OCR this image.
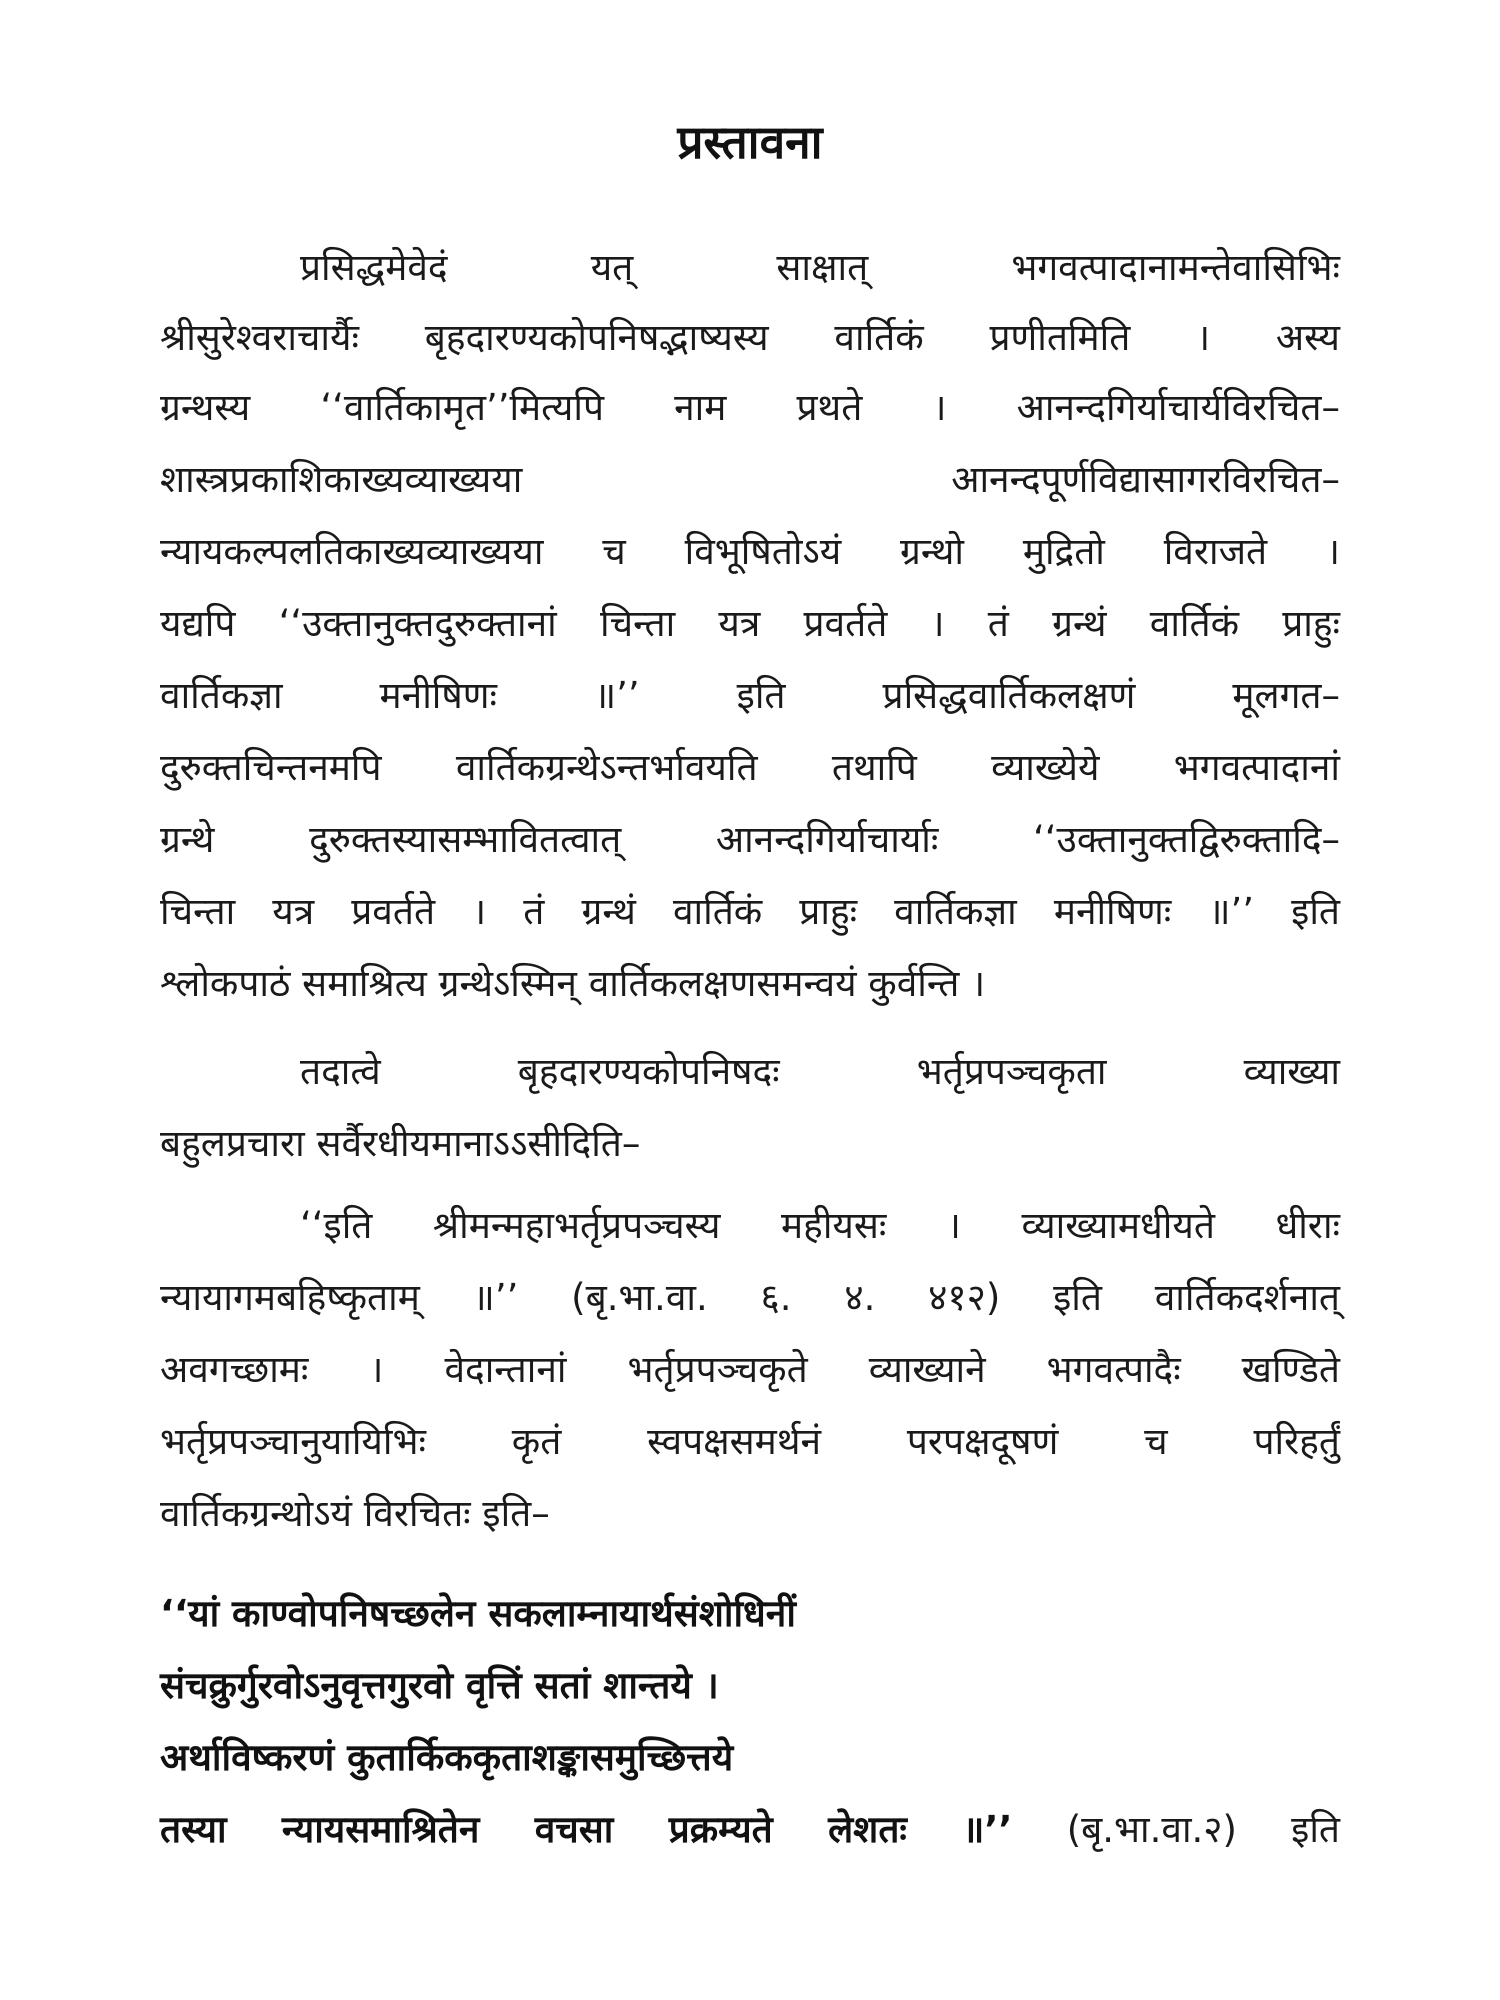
प्रस्तावना
प्रसिद्धमेवेदं यत् साक्षात् भगवत्पादानामन्तेवासिभिः
श्रीसुरेश्वराचार्यैः बृहदारण्यकोपनिषद्भाष्यस्य वार्तिकं प्रणीतमिति । अस्य
ग्रन्थस्य ‘‘वार्तिकामृत’’मित्यपि नाम प्रथते । आनन्दगिर्याचार्यविरचित–
शास्त्रप्रकाशिकाख्यव्याख्यया आनन्दपूर्णविद्यासागरविरचित–
न्यायकल्पलतिकाख्यव्याख्यया च विभूषितोऽयं ग्रन्थो मुद्रितो विराजते ।
यद्यपि ‘‘उक्तानुक्तदुरुक्तानां चिन्ता यत्र प्रवर्तते । तं ग्रन्थं वार्तिकं प्राहुः
वार्तिकज्ञा मनीषिणः ॥’’ इति प्रसिद्धवार्तिकलक्षणं मूलगत–
दुरुक्तचिन्तनमपि वार्तिकग्रन्थेऽन्तर्भावयति तथापि व्याख्येये भगवत्पादानां
ग्रन्थे दुरुक्तस्यासम्भावितत्वात् आनन्दगिर्याचार्याः ‘‘उक्तानुक्तद्विरुक्तादि–
चिन्ता यत्र प्रवर्तते । तं ग्रन्थं वार्तिकं प्राहुः वार्तिकज्ञा मनीषिणः ॥’’ इति
श्लोकपाठं समाश्रित्य ग्रन्थेऽस्मिन् वार्तिकलक्षणसमन्वयं कुर्वन्ति ।
तदात्वे बृहदारण्यकोपनिषदः भर्तृप्रपञ्चकृता व्याख्या
बहुलप्रचारा सर्वैरधीयमानाऽऽसीदिति–
‘‘इति श्रीमन्महाभर्तृप्रपञ्चस्य महीयसः । व्याख्यामधीयते धीराः
न्यायागमबहिष्कृताम् ॥’’ (बृ.भा.वा. ६. ४. ४१२) इति वार्तिकदर्शनात्
अवगच्छामः । वेदान्तानां भर्तृप्रपञ्चकृते व्याख्याने भगवत्पादैः खण्डिते
भर्तृप्रपञ्चानुयायिभिः कृतं स्वपक्षसमर्थनं परपक्षदूषणं च परिहर्तुं
वार्तिकग्रन्थोऽयं विरचितः इति–
‘‘यां काण्वोपनिषच्छलेन सकलाम्नायार्थसंशोधिनीं
संचक्रुर्गुरवोऽनुवृत्तगुरवो वृत्तिं सतां शान्तये ।
अर्थाविष्करणं कुतार्किककृताशङ्कासमुच्छित्तये
तस्या न्यायसमाश्रितेन वचसा प्रक्रम्यते लेशतः ॥’’ (बृ.भा.वा.२) इति
